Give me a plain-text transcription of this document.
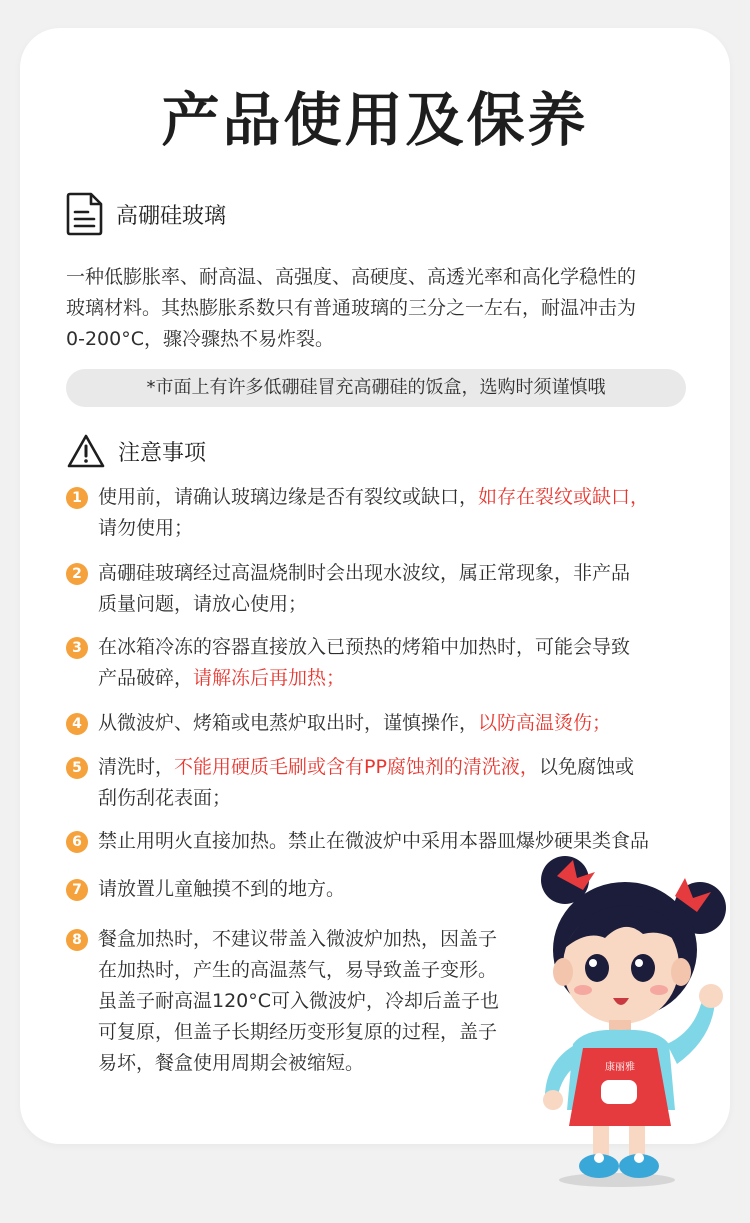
产品使用及保养
高硼硅玻璃

一种低膨胀率、耐高温、高强度、高硬度、高透光率和高化学稳性的
玻璃材料。其热膨胀系数只有普通玻璃的三分之一左右，耐温冲击为
0-200°C，骤冷骤热不易炸裂。

*市面上有许多低硼硅冒充高硼硅的饭盒，选购时须谨慎哦
注意事项
1 使用前，请确认玻璃边缘是否有裂纹或缺口，如存在裂纹或缺口，
请勿使用；
2 高硼硅玻璃经过高温烧制时会出现水波纹，属正常现象，非产品
质量问题，请放心使用；
3 在冰箱冷冻的容器直接放入已预热的烤箱中加热时，可能会导致
产品破碎，请解冻后再加热；
4 从微波炉、烤箱或电蒸炉取出时，谨慎操作，以防高温烫伤；
5 清洗时，不能用硬质毛刷或含有PP腐蚀剂的清洗液，以免腐蚀或
刮伤刮花表面；
6 禁止用明火直接加热。禁止在微波炉中采用本器皿爆炒硬果类食品
7 请放置儿童触摸不到的地方。
8 餐盒加热时，不建议带盖入微波炉加热，因盖子
在加热时，产生的高温蒸气，易导致盖子变形。
虽盖子耐高温120°C可入微波炉，冷却后盖子也
可复原，但盖子长期经历变形复原的过程，盖子
易坏，餐盒使用周期会被缩短。	康丽雅
